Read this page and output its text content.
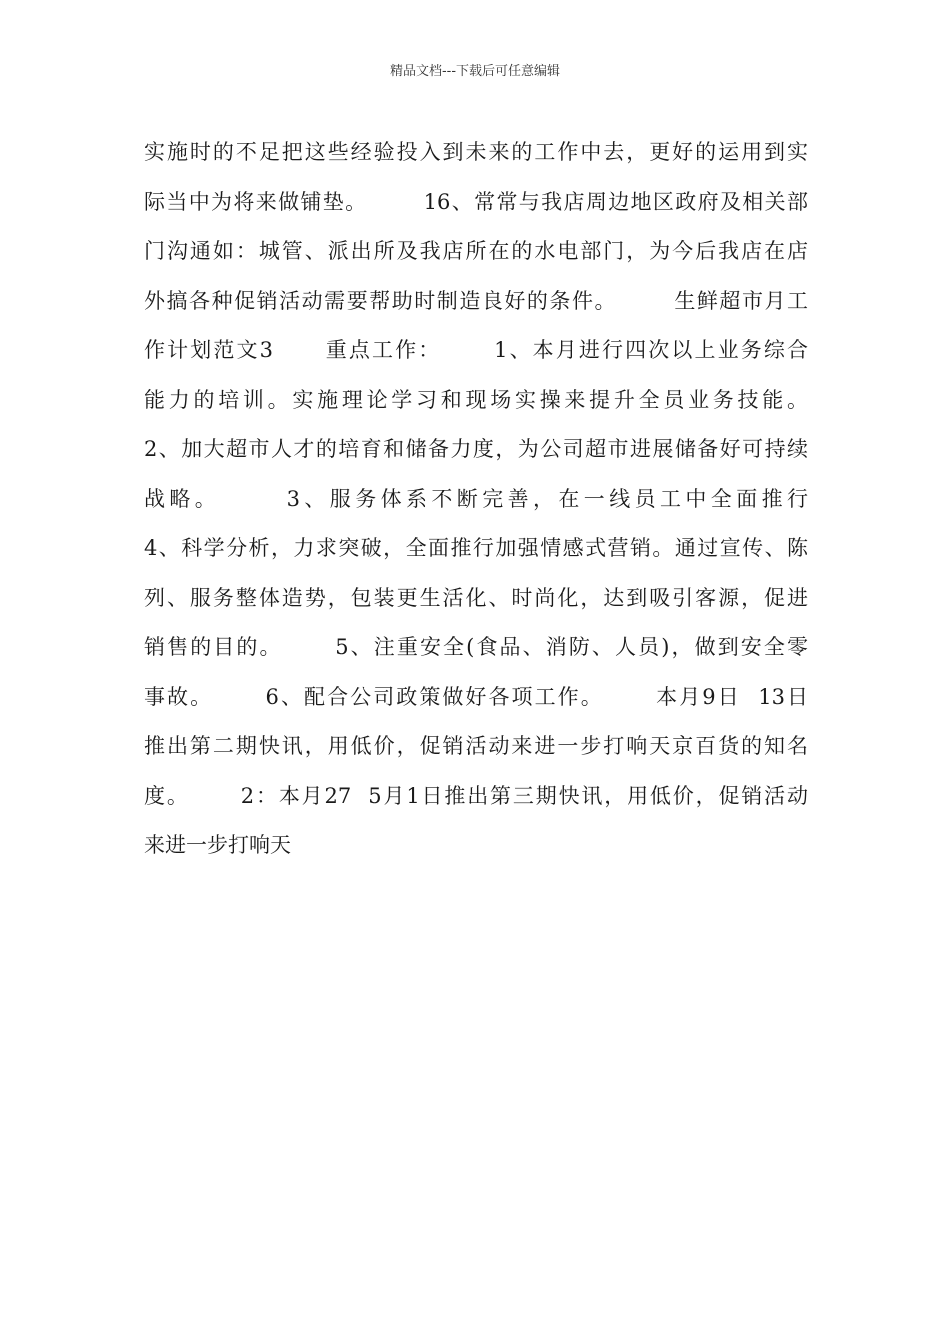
精品文档---下载后可任意编辑
实施时的不足把这些经验投入到未来的工作中去，更好的运用到实
际当中为将来做铺垫。       16、常常与我店周边地区政府及相关部
门沟通如：城管、派出所及我店所在的水电部门，为今后我店在店
外搞各种促销活动需要帮助时制造良好的条件。       生鲜超市月工
作计划范文3      重点工作：      1、本月进行四次以上业务综合
能力的培训。实施理论学习和现场实操来提升全员业务技能。
2、加大超市人才的培育和储备力度，为公司超市进展储备好可持续
战略。      3、服务体系不断完善，在一线员工中全面推行
4、科学分析，力求突破，全面推行加强情感式营销。通过宣传、陈
列、服务整体造势，包装更生活化、时尚化，达到吸引客源，促进
销售的目的。      5、注重安全(食品、消防、人员)，做到安全零
事故。      6、配合公司政策做好各项工作。      本月9日  13日
推出第二期快讯，用低价，促销活动来进一步打响天京百货的知名
度。      2：本月27  5月1日推出第三期快讯，用低价，促销活动
来进一步打响天
